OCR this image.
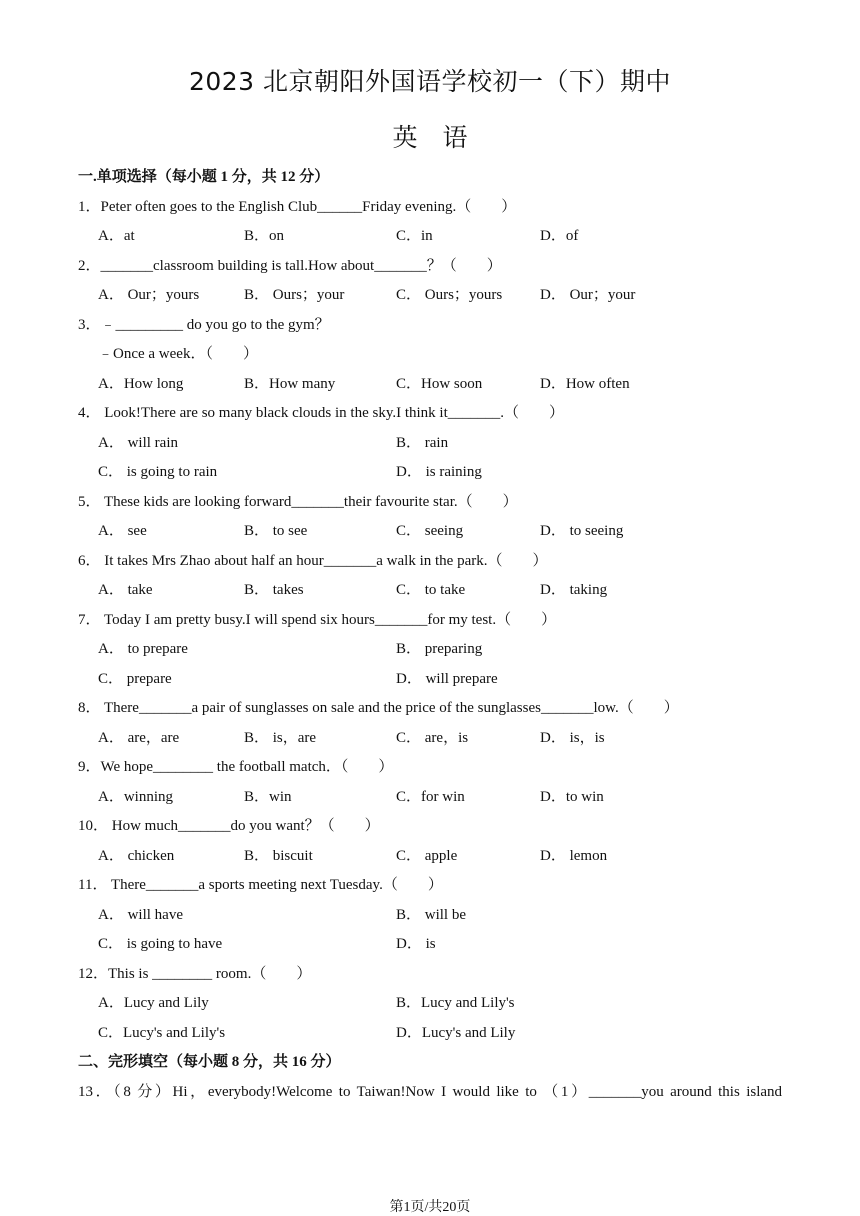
2023 北京朝阳外国语学校初一（下）期中
英　语
一.单项选择（每小题 1 分，共 12 分）
1．Peter often goes to the English Club______Friday evening.（　　）
A．at	B．on	C．in	D．of
2．_______classroom building is tall.How about_______？（　　）
A． Our；yours	B． Ours；your	C． Ours；yours	D． Our；your
3．﹣_________ do you go to the gym？
﹣Once a week．（　　）
A．How long	B．How many	C．How soon	D．How often
4． Look!There are so many black clouds in the sky.I think it_______.（　　）
A． will rain	B． rain
C． is going to rain	D． is raining
5． These kids are looking forward_______their favourite star.（　　）
A． see	B． to see	C． seeing	D． to seeing
6． It takes Mrs Zhao about half an hour_______a walk in the park.（　　）
A． take	B． takes	C． to take	D． taking
7． Today I am pretty busy.I will spend six hours_______for my test.（　　）
A． to prepare	B． preparing
C． prepare	D． will prepare
8． There_______a pair of sunglasses on sale and the price of the sunglasses_______low.（　　）
A． are，are	B． is，are	C． are，is	D． is，is
9．We hope________ the football match．（　　）
A．winning	B．win	C．for win	D．to win
10． How much_______do you want？（　　）
A． chicken	B． biscuit	C． apple	D． lemon
11． There_______a sports meeting next Tuesday.（　　）
A． will have	B． will be
C． is going to have	D． is
12．This is ________ room.（　　）
A．Lucy and Lily	B．Lucy and Lily's
C．Lucy's and Lily's	D．Lucy's and Lily
二、完形填空（每小题 8 分，共 16 分）
13．（8 分）Hi，everybody!Welcome to Taiwan!Now I would like to （1）_______you around this island
第1页/共20页
